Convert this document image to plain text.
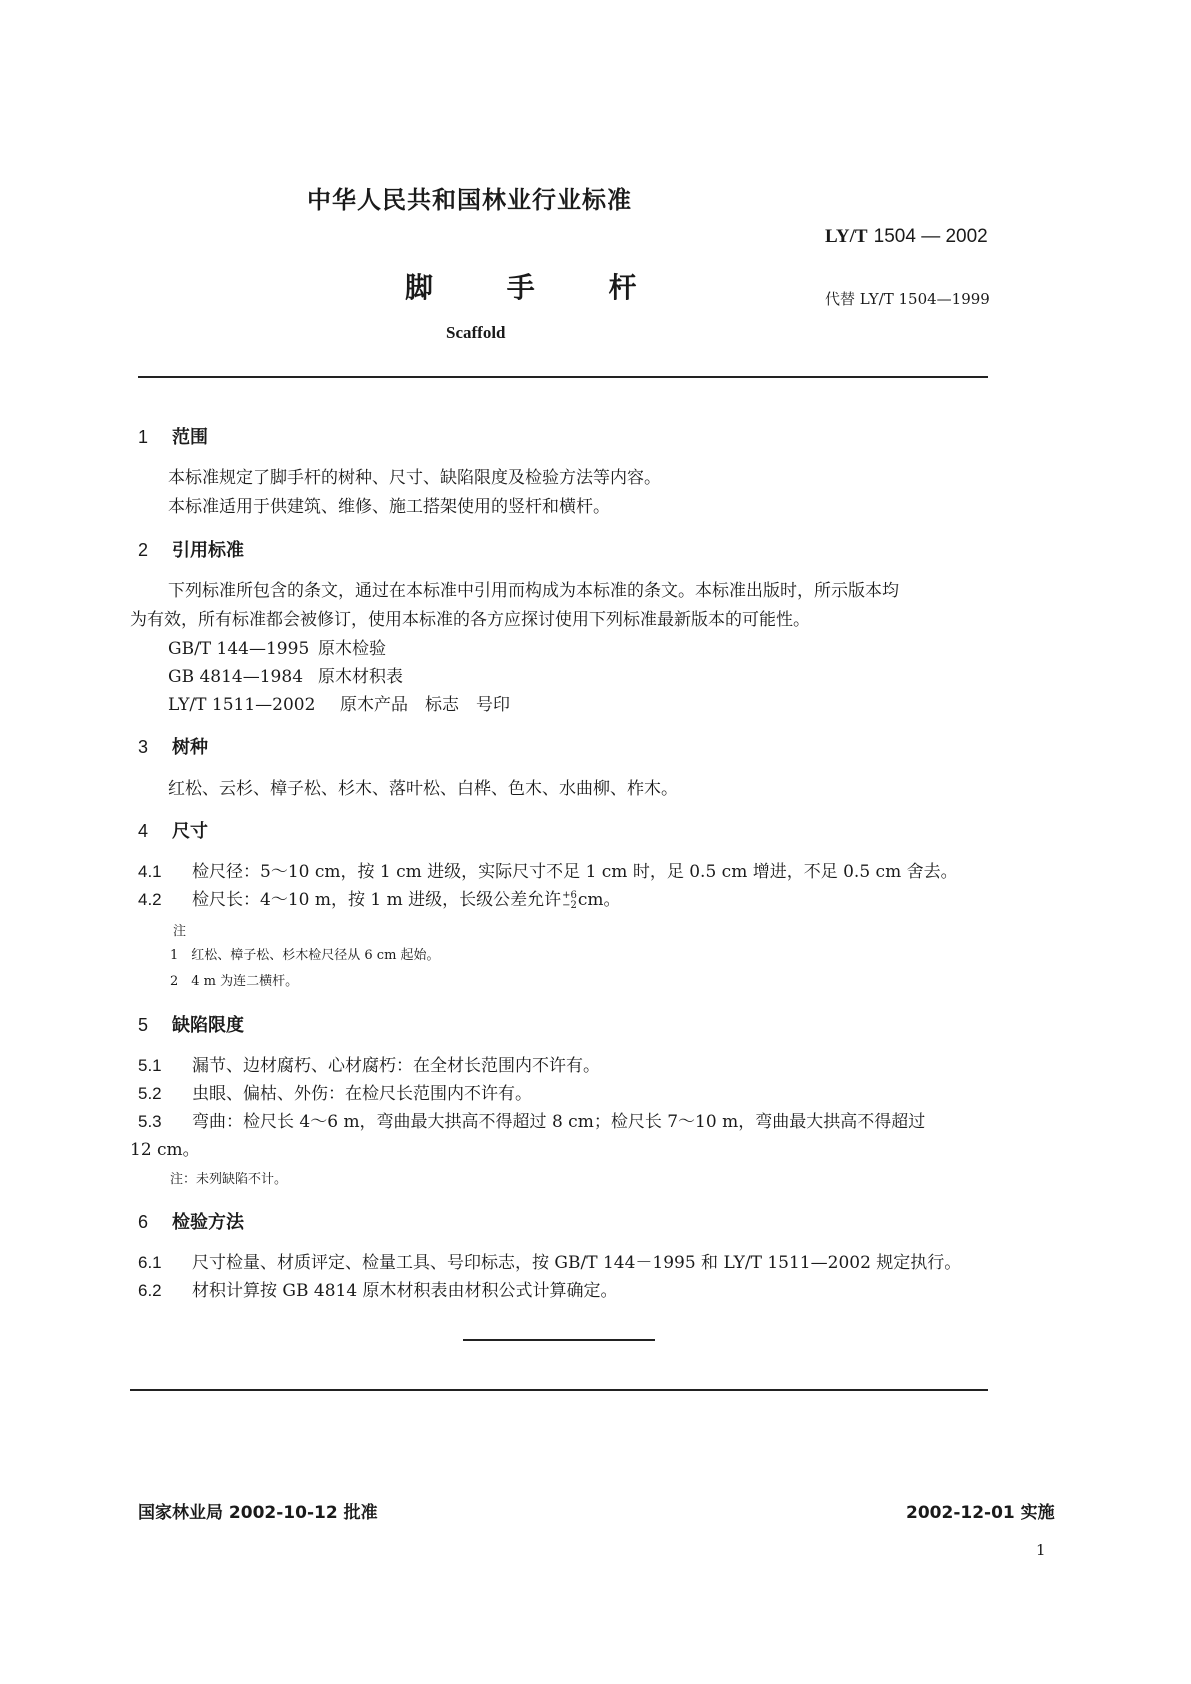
中华人民共和国林业行业标准
LY/T 1504 — 2002
脚 手 杆	代替 LY/T 1504—1999
Scaffold
1 范围
本标准规定了脚手杆的树种、尺寸、缺陷限度及检验方法等内容。
本标准适用于供建筑、维修、施工搭架使用的竖杆和横杆。
2 引用标准
下列标准所包含的条文，通过在本标准中引用而构成为本标准的条文。本标准出版时，所示版本均
为有效，所有标准都会被修订，使用本标准的各方应探讨使用下列标准最新版本的可能性。
GB/T 144—1995 原木检验
GB 4814—1984 原木材积表
LY/T 1511—2002 原木产品　标志　号印
3 树种
红松、云杉、樟子松、杉木、落叶松、白桦、色木、水曲柳、柞木。
4 尺寸
4.1 检尺径：5～10 cm，按 1 cm 进级，实际尺寸不足 1 cm 时，足 0.5 cm 增进，不足 0.5 cm 舍去。
4.2 检尺长：4～10 m，按 1 m 进级，长级公差允许 +6
−2 cm。
注
1　红松、樟子松、杉木检尺径从 6 cm 起始。
2　4 m 为连二横杆。
5 缺陷限度
5.1 漏节、边材腐朽、心材腐朽：在全材长范围内不许有。
5.2 虫眼、偏枯、外伤：在检尺长范围内不许有。
5.3 弯曲：检尺长 4～6 m，弯曲最大拱高不得超过 8 cm；检尺长 7～10 m，弯曲最大拱高不得超过
12 cm。
注：未列缺陷不计。
6 检验方法
6.1 尺寸检量、材质评定、检量工具、号印标志，按 GB/T 144－1995 和 LY/T 1511—2002 规定执行。
6.2 材积计算按 GB 4814 原木材积表由材积公式计算确定。
国家林业局 2002-10-12 批准	2002-12-01 实施
1
